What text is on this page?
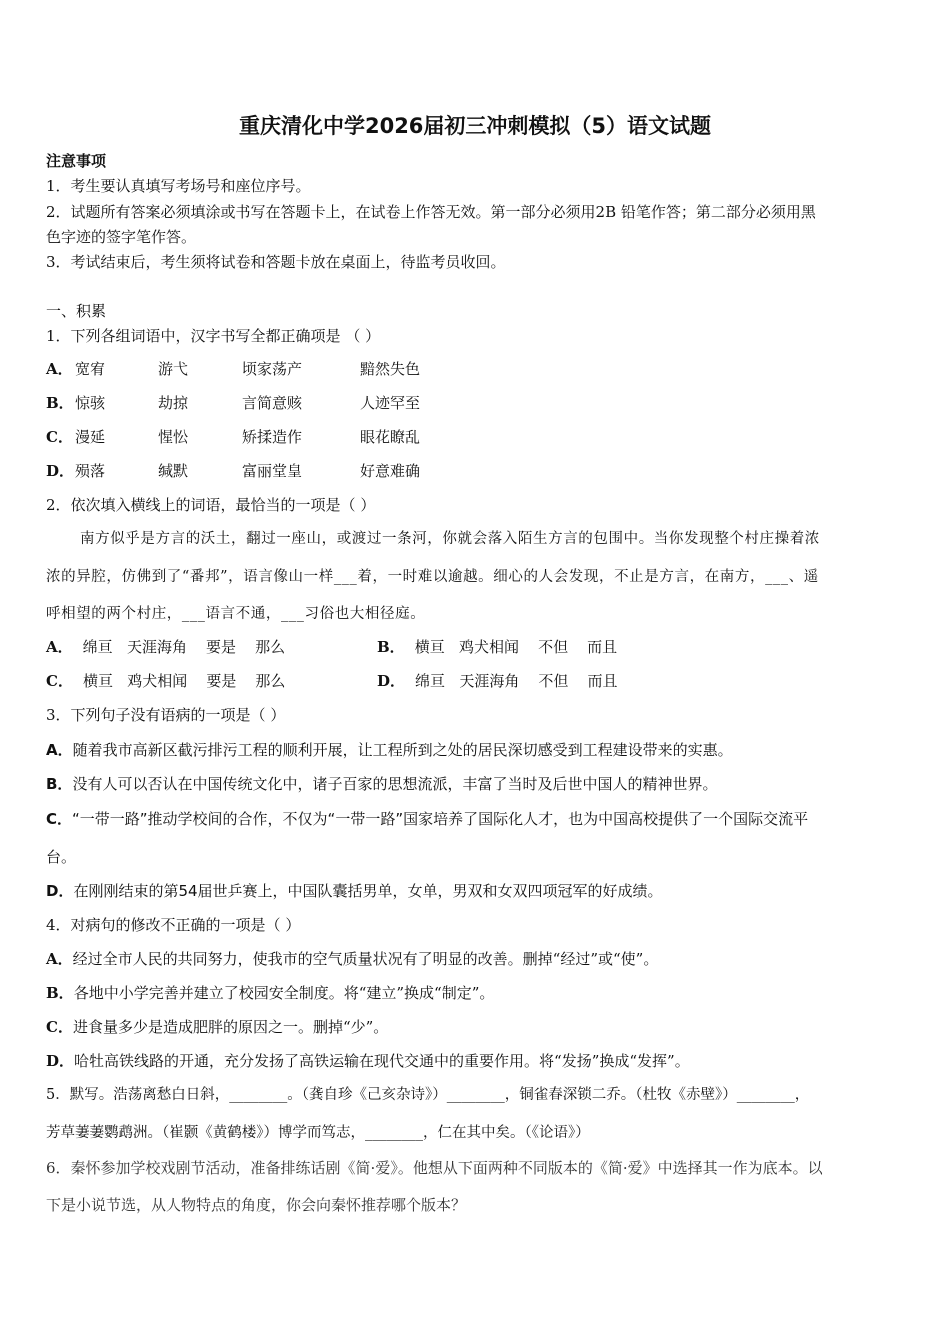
重庆清化中学2026届初三冲刺模拟（5）语文试题
注意事项
1．考生要认真填写考场号和座位序号。
2．试题所有答案必须填涂或书写在答题卡上，在试卷上作答无效。第一部分必须用2B 铅笔作答；第二部分必须用黑
色字迹的签字笔作答。
3．考试结束后，考生须将试卷和答题卡放在桌面上，待监考员收回。
一、积累
1．下列各组词语中，汉字书写全都正确项是 （ ）
A． 宽宥	游弋	顷家荡产	黯然失色
B． 惊骇	劫掠	言简意赅	人迹罕至
C． 漫延	惺忪	矫揉造作	眼花瞭乱
D． 殒落	缄默	富丽堂皇	好意难确
2．依次填入横线上的词语，最恰当的一项是（ ）
南方似乎是方言的沃土，翻过一座山，或渡过一条河，你就会落入陌生方言的包围中。当你发现整个村庄操着浓
浓的异腔，仿佛到了“番邦”，语言像山一样___着，一时难以逾越。细心的人会发现，不止是方言，在南方，___、遥
呼相望的两个村庄，___语言不通，___习俗也大相径庭。
A． 绵亘   天涯海角    要是    那么	B． 横亘   鸡犬相闻    不但    而且
C． 横亘   鸡犬相闻    要是    那么	D． 绵亘   天涯海角    不但    而且
3．下列句子没有语病的一项是（ ）
A．随着我市高新区截污排污工程的顺利开展，让工程所到之处的居民深切感受到工程建设带来的实惠。
B．没有人可以否认在中国传统文化中，诸子百家的思想流派，丰富了当时及后世中国人的精神世界。
C．“一带一路”推动学校间的合作，不仅为“一带一路”国家培养了国际化人才，也为中国高校提供了一个国际交流平
台。
D．在刚刚结束的第54届世乒赛上，中国队囊括男单，女单，男双和女双四项冠军的好成绩。
4．对病句的修改不正确的一项是（ ）
A．经过全市人民的共同努力，使我市的空气质量状况有了明显的改善。删掉“经过”或“使”。
B．各地中小学完善并建立了校园安全制度。将“建立”换成“制定”。
C．进食量多少是造成肥胖的原因之一。删掉“少”。
D．哈牡高铁线路的开通，充分发扬了高铁运输在现代交通中的重要作用。将“发扬”换成“发挥”。
5．默写。浩荡离愁白日斜，________。（龚自珍《己亥杂诗》）________，铜雀春深锁二乔。（杜牧《赤壁》）________，
芳草萋萋鹦鹉洲。（崔颢《黄鹤楼》）博学而笃志，________，仁在其中矣。（《论语》）
6．秦怀参加学校戏剧节活动，准备排练话剧《简·爱》。他想从下面两种不同版本的《简·爱》中选择其一作为底本。以
下是小说节选，从人物特点的角度，你会向秦怀推荐哪个版本？
